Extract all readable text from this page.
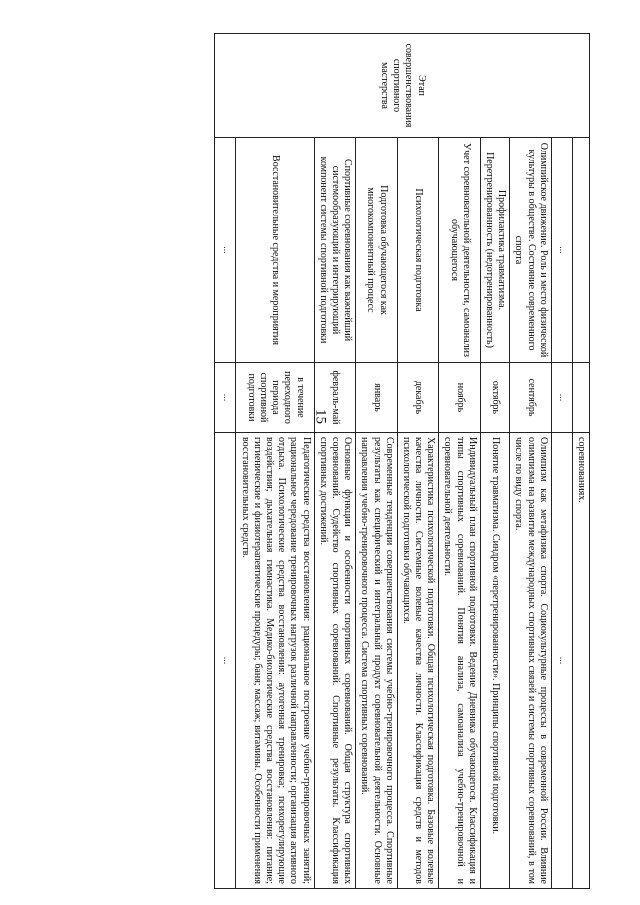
15
Этап совершенствования спортивного мастерства			соревнованиях.
	...	...	...
	Олимпийское движение. Роль и место физической культуры в обществе. Состояние современного спорта	сентябрь	Олимпизм как метафизика спорта. Социокультурные процессы в современной России. Влияние олимпизма на развитие международных спортивных связей и системы спортивных соревнований, в том числе по виду спорта.
	Профилактика травматизма. Перетренированность (недотренированность)	октябрь	Понятие травматизма. Синдром «перетренированности». Принципы спортивной подготовки.
	Учет соревновательной деятельности, самоанализ обучающегося	ноябрь	Индивидуальный план спортивной подготовки. Ведение Дневника обучающегося. Классификация и типы спортивных соревнований. Понятия анализа, самоанализа учебно-тренировочной и соревновательной деятельности.
	Психологическая подготовка	декабрь	Характеристика психологической подготовки. Общая психологическая подготовка. Базовые волевые качества личности. Системные волевые качества личности. Классификация средств и методов психологической подготовки обучающихся.
	Подготовка обучающегося как многокомпонентный процесс	январь	Современные тенденции совершенствования системы учебно-тренировочного процесса. Спортивные результаты как специфический и интегральный продукт соревновательной деятельности. Основные направления учебно-тренировочного процесса. Система спортивных соревнований.
	Спортивные соревнования как важнейший системообразующий и интегрирующий компонент системы спортивной подготовки	февраль-май	Основные функции и особенности спортивных соревнований. Общая структура спортивных соревнований. Судейство спортивных соревнований. Спортивные результаты. Классификация спортивных достижений.
	Восстановительные средства и мероприятия	в течение переходного периода спортивной подготовки	Педагогические средства восстановления: рациональное построение учебно-тренировочных занятий; рациональное чередование тренировочных нагрузок различной направленности; организация активного отдыха. Психологические средства восстановления: аутогенная тренировка; психорегулирующие воздействия; дыхательная гимнастика. Медико-биологические средства восстановления: питание; гигиенические и физиотерапевтические процедуры; баня; массаж; витамины. Особенности применения восстановительных средств.
	...	...	...
